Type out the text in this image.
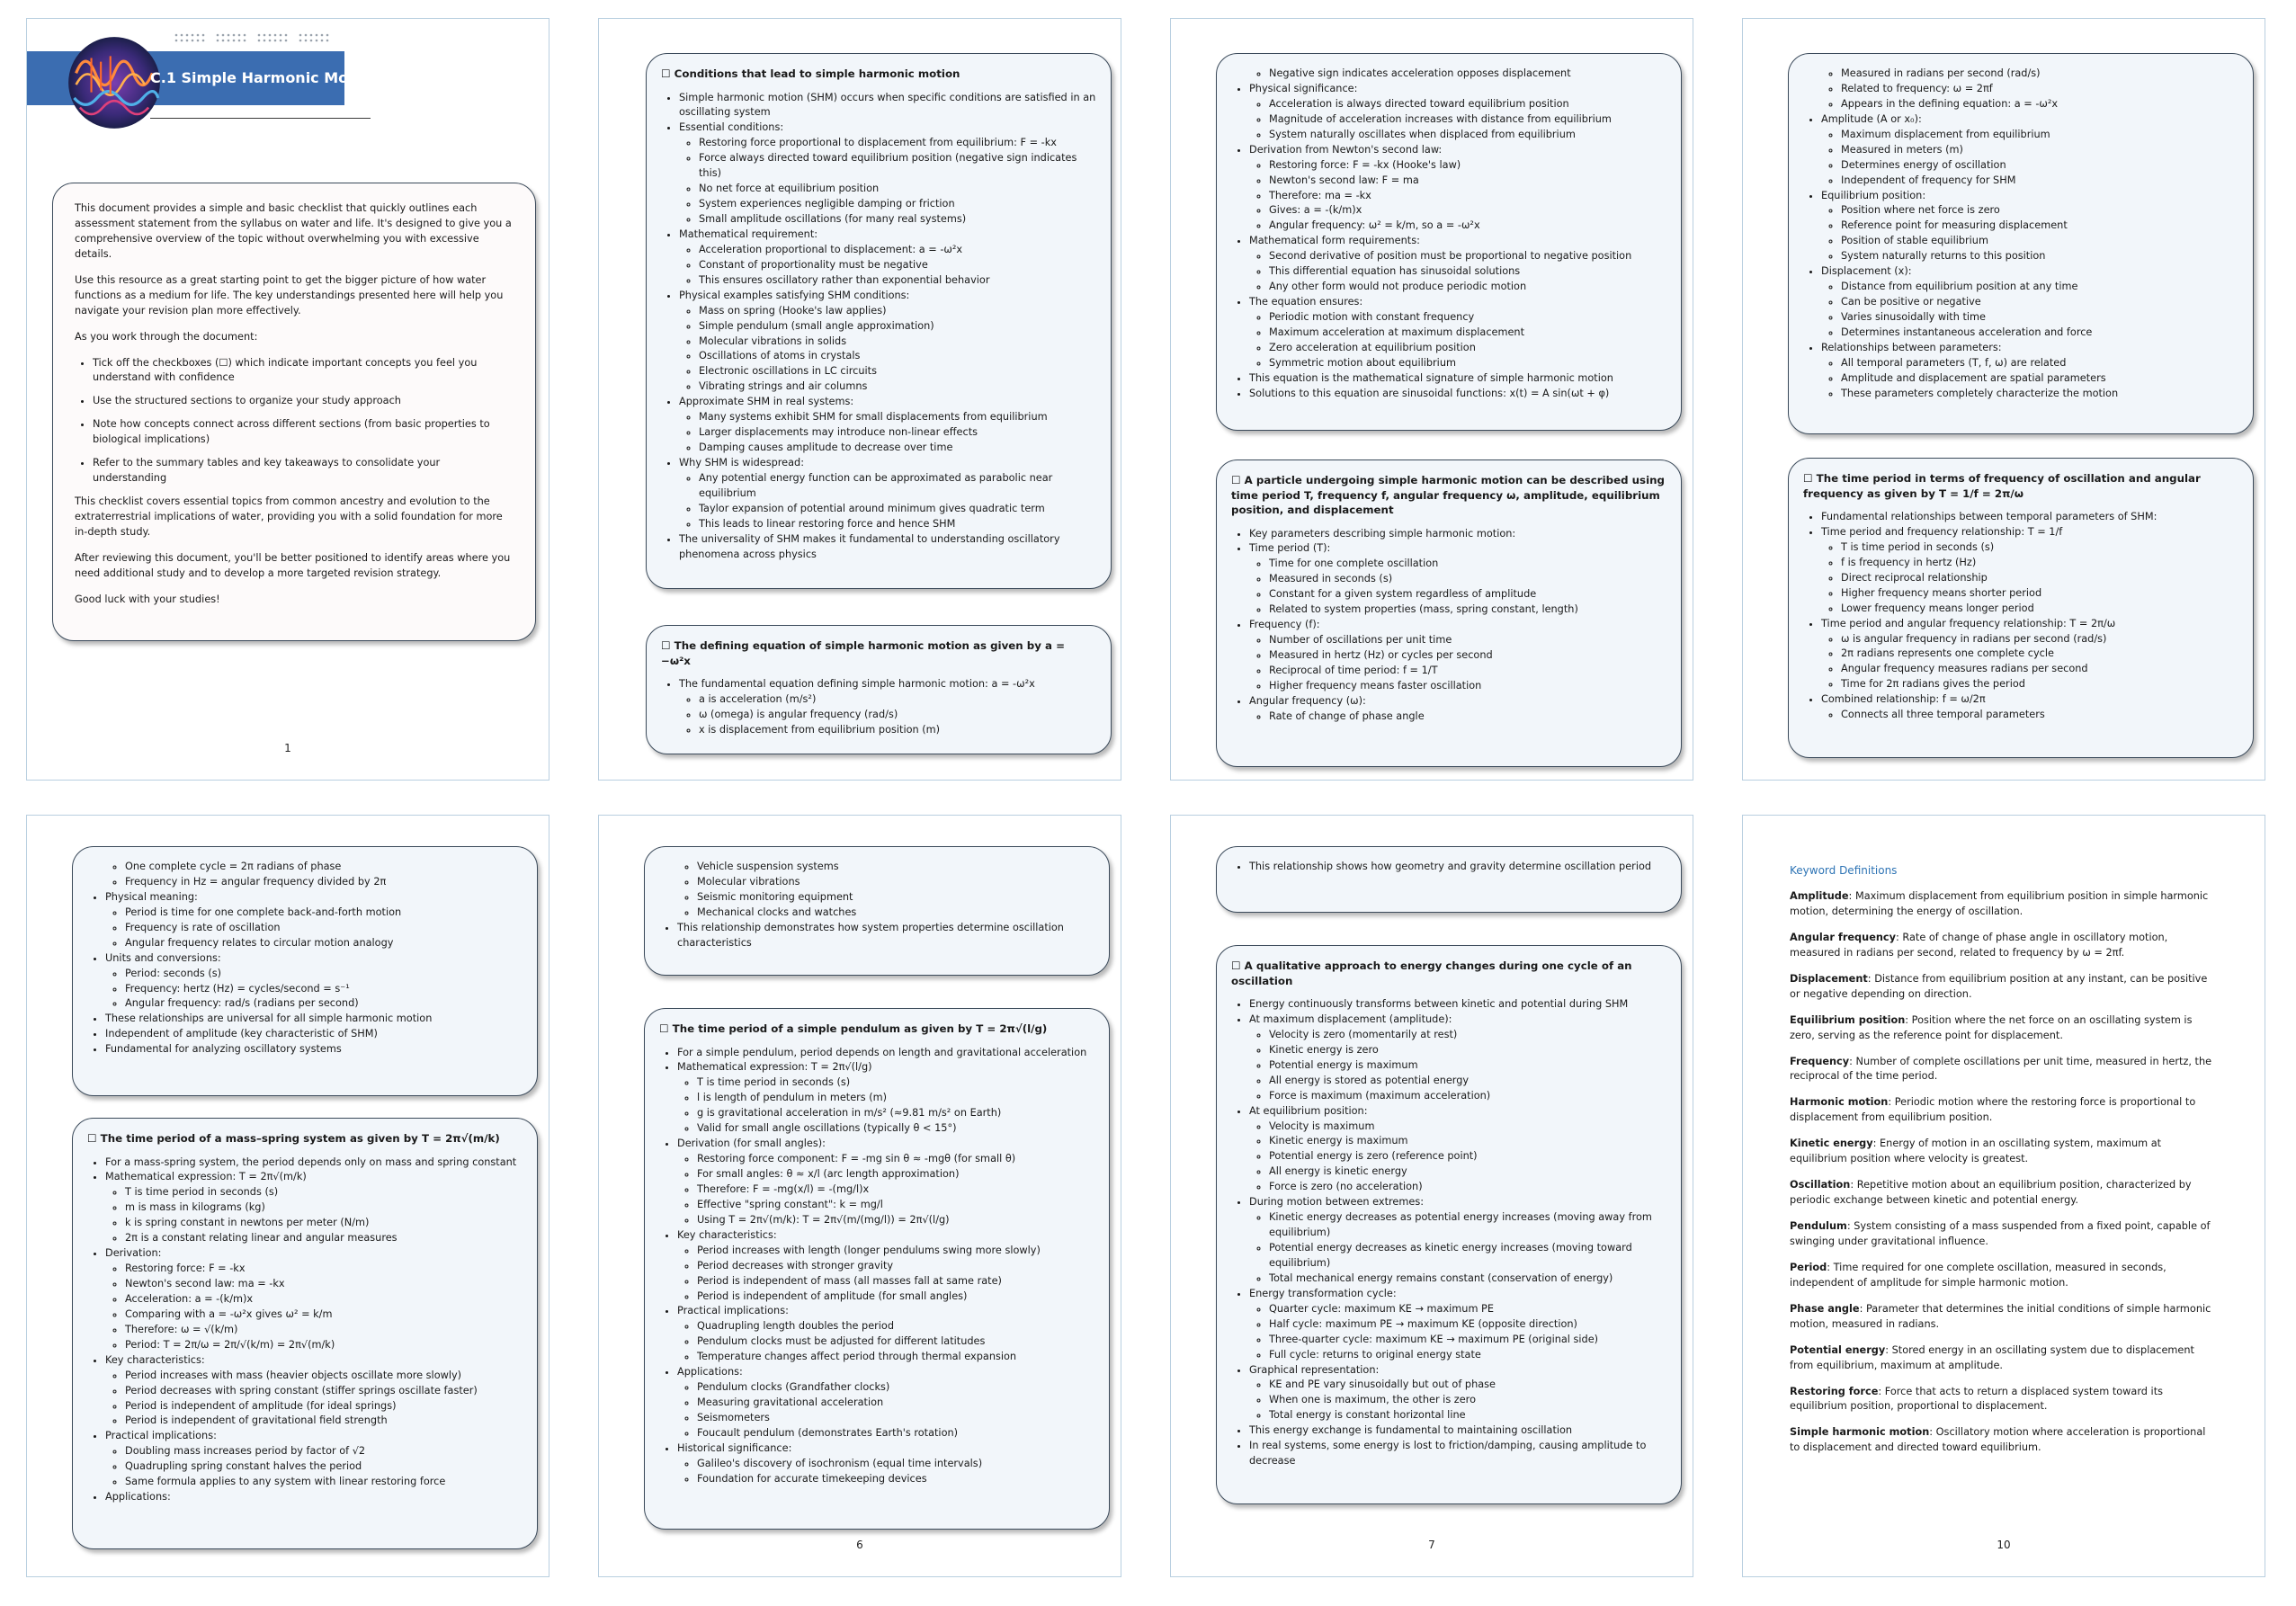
C.1 Simple Harmonic Motion

This document provides a simple and basic checklist that quickly outlines each assessment statement from the syllabus on water and life. It's designed to give you a comprehensive overview of the topic without overwhelming you with excessive details.

Use this resource as a great starting point to get the bigger picture of how water functions as a medium for life. The key understandings presented here will help you navigate your revision plan more effectively.

As you work through the document:

• Tick off the checkboxes (☐) which indicate important concepts you feel you understand with confidence
• Use the structured sections to organize your study approach
• Note how concepts connect across different sections (from basic properties to biological implications)
• Refer to the summary tables and key takeaways to consolidate your understanding

This checklist covers essential topics from common ancestry and evolution to the extraterrestrial implications of water, providing you with a solid foundation for more in-depth study.

After reviewing this document, you'll be better positioned to identify areas where you need additional study and to develop a more targeted revision strategy.

Good luck with your studies!

1
☐ Conditions that lead to simple harmonic motion
• Simple harmonic motion (SHM) occurs when specific conditions are satisfied in an oscillating system
• Essential conditions:
◦ Restoring force proportional to displacement from equilibrium: F = -kx
◦ Force always directed toward equilibrium position (negative sign indicates this)
◦ No net force at equilibrium position
◦ System experiences negligible damping or friction
◦ Small amplitude oscillations (for many real systems)
• Mathematical requirement:
◦ Acceleration proportional to displacement: a = -ω²x
◦ Constant of proportionality must be negative
◦ This ensures oscillatory rather than exponential behavior
• Physical examples satisfying SHM conditions:
◦ Mass on spring (Hooke's law applies)
◦ Simple pendulum (small angle approximation)
◦ Molecular vibrations in solids
◦ Oscillations of atoms in crystals
◦ Electronic oscillations in LC circuits
◦ Vibrating strings and air columns
• Approximate SHM in real systems:
◦ Many systems exhibit SHM for small displacements from equilibrium
◦ Larger displacements may introduce non-linear effects
◦ Damping causes amplitude to decrease over time
• Why SHM is widespread:
◦ Any potential energy function can be approximated as parabolic near equilibrium
◦ Taylor expansion of potential around minimum gives quadratic term
◦ This leads to linear restoring force and hence SHM
• The universality of SHM makes it fundamental to understanding oscillatory phenomena across physics
☐ The defining equation of simple harmonic motion as given by a = −ω²x
• The fundamental equation defining simple harmonic motion: a = -ω²x
◦ a is acceleration (m/s²)
◦ ω (omega) is angular frequency (rad/s)
◦ x is displacement from equilibrium position (m)
◦ Negative sign indicates acceleration opposes displacement
• Physical significance:
◦ Acceleration is always directed toward equilibrium position
◦ Magnitude of acceleration increases with distance from equilibrium
◦ System naturally oscillates when displaced from equilibrium
• Derivation from Newton's second law:
◦ Restoring force: F = -kx (Hooke's law)
◦ Newton's second law: F = ma
◦ Therefore: ma = -kx
◦ Gives: a = -(k/m)x
◦ Angular frequency: ω² = k/m, so a = -ω²x
• Mathematical form requirements:
◦ Second derivative of position must be proportional to negative position
◦ This differential equation has sinusoidal solutions
◦ Any other form would not produce periodic motion
• The equation ensures:
◦ Periodic motion with constant frequency
◦ Maximum acceleration at maximum displacement
◦ Zero acceleration at equilibrium position
◦ Symmetric motion about equilibrium
• This equation is the mathematical signature of simple harmonic motion
• Solutions to this equation are sinusoidal functions: x(t) = A sin(ωt + φ)
☐ A particle undergoing simple harmonic motion can be described using time period T, frequency f, angular frequency ω, amplitude, equilibrium position, and displacement
• Key parameters describing simple harmonic motion:
• Time period (T):
◦ Time for one complete oscillation
◦ Measured in seconds (s)
◦ Constant for a given system regardless of amplitude
◦ Related to system properties (mass, spring constant, length)
• Frequency (f):
◦ Number of oscillations per unit time
◦ Measured in hertz (Hz) or cycles per second
◦ Reciprocal of time period: f = 1/T
◦ Higher frequency means faster oscillation
• Angular frequency (ω):
◦ Rate of change of phase angle
◦ Measured in radians per second (rad/s)
◦ Related to frequency: ω = 2πf
◦ Appears in the defining equation: a = -ω²x
• Amplitude (A or x₀):
◦ Maximum displacement from equilibrium
◦ Measured in meters (m)
◦ Determines energy of oscillation
◦ Independent of frequency for SHM
• Equilibrium position:
◦ Position where net force is zero
◦ Reference point for measuring displacement
◦ Position of stable equilibrium
◦ System naturally returns to this position
• Displacement (x):
◦ Distance from equilibrium position at any time
◦ Can be positive or negative
◦ Varies sinusoidally with time
◦ Determines instantaneous acceleration and force
• Relationships between parameters:
◦ All temporal parameters (T, f, ω) are related
◦ Amplitude and displacement are spatial parameters
◦ These parameters completely characterize the motion
☐ The time period in terms of frequency of oscillation and angular frequency as given by T = 1/f = 2π/ω
• Fundamental relationships between temporal parameters of SHM:
• Time period and frequency relationship: T = 1/f
◦ T is time period in seconds (s)
◦ f is frequency in hertz (Hz)
◦ Direct reciprocal relationship
◦ Higher frequency means shorter period
◦ Lower frequency means longer period
• Time period and angular frequency relationship: T = 2π/ω
◦ ω is angular frequency in radians per second (rad/s)
◦ 2π radians represents one complete cycle
◦ Angular frequency measures radians per second
◦ Time for 2π radians gives the period
• Combined relationship: f = ω/2π
◦ Connects all three temporal parameters
◦ One complete cycle = 2π radians of phase
◦ Frequency in Hz = angular frequency divided by 2π
• Physical meaning:
◦ Period is time for one complete back-and-forth motion
◦ Frequency is rate of oscillation
◦ Angular frequency relates to circular motion analogy
• Units and conversions:
◦ Period: seconds (s)
◦ Frequency: hertz (Hz) = cycles/second = s⁻¹
◦ Angular frequency: rad/s (radians per second)
• These relationships are universal for all simple harmonic motion
• Independent of amplitude (key characteristic of SHM)
• Fundamental for analyzing oscillatory systems
☐ The time period of a mass–spring system as given by T = 2π√(m/k)
• For a mass-spring system, the period depends only on mass and spring constant
• Mathematical expression: T = 2π√(m/k)
◦ T is time period in seconds (s)
◦ m is mass in kilograms (kg)
◦ k is spring constant in newtons per meter (N/m)
◦ 2π is a constant relating linear and angular measures
• Derivation:
◦ Restoring force: F = -kx
◦ Newton's second law: ma = -kx
◦ Acceleration: a = -(k/m)x
◦ Comparing with a = -ω²x gives ω² = k/m
◦ Therefore: ω = √(k/m)
◦ Period: T = 2π/ω = 2π/√(k/m) = 2π√(m/k)
• Key characteristics:
◦ Period increases with mass (heavier objects oscillate more slowly)
◦ Period decreases with spring constant (stiffer springs oscillate faster)
◦ Period is independent of amplitude (for ideal springs)
◦ Period is independent of gravitational field strength
• Practical implications:
◦ Doubling mass increases period by factor of √2
◦ Quadrupling spring constant halves the period
◦ Same formula applies to any system with linear restoring force
• Applications:
◦ Vehicle suspension systems
◦ Molecular vibrations
◦ Seismic monitoring equipment
◦ Mechanical clocks and watches
• This relationship demonstrates how system properties determine oscillation characteristics
☐ The time period of a simple pendulum as given by T = 2π√(l/g)
• For a simple pendulum, period depends on length and gravitational acceleration
• Mathematical expression: T = 2π√(l/g)
◦ T is time period in seconds (s)
◦ l is length of pendulum in meters (m)
◦ g is gravitational acceleration in m/s² (≈9.81 m/s² on Earth)
◦ Valid for small angle oscillations (typically θ < 15°)
• Derivation (for small angles):
◦ Restoring force component: F = -mg sin θ ≈ -mgθ (for small θ)
◦ For small angles: θ ≈ x/l (arc length approximation)
◦ Therefore: F = -mg(x/l) = -(mg/l)x
◦ Effective "spring constant": k = mg/l
◦ Using T = 2π√(m/k): T = 2π√(m/(mg/l)) = 2π√(l/g)
• Key characteristics:
◦ Period increases with length (longer pendulums swing more slowly)
◦ Period decreases with stronger gravity
◦ Period is independent of mass (all masses fall at same rate)
◦ Period is independent of amplitude (for small angles)
• Practical implications:
◦ Quadrupling length doubles the period
◦ Pendulum clocks must be adjusted for different latitudes
◦ Temperature changes affect period through thermal expansion
• Applications:
◦ Pendulum clocks (Grandfather clocks)
◦ Measuring gravitational acceleration
◦ Seismometers
◦ Foucault pendulum (demonstrates Earth's rotation)
• Historical significance:
◦ Galileo's discovery of isochronism (equal time intervals)
◦ Foundation for accurate timekeeping devices
6
• This relationship shows how geometry and gravity determine oscillation period
☐ A qualitative approach to energy changes during one cycle of an oscillation
• Energy continuously transforms between kinetic and potential during SHM
• At maximum displacement (amplitude):
◦ Velocity is zero (momentarily at rest)
◦ Kinetic energy is zero
◦ Potential energy is maximum
◦ All energy is stored as potential energy
◦ Force is maximum (maximum acceleration)
• At equilibrium position:
◦ Velocity is maximum
◦ Kinetic energy is maximum
◦ Potential energy is zero (reference point)
◦ All energy is kinetic energy
◦ Force is zero (no acceleration)
• During motion between extremes:
◦ Kinetic energy decreases as potential energy increases (moving away from equilibrium)
◦ Potential energy decreases as kinetic energy increases (moving toward equilibrium)
◦ Total mechanical energy remains constant (conservation of energy)
• Energy transformation cycle:
◦ Quarter cycle: maximum KE → maximum PE
◦ Half cycle: maximum PE → maximum KE (opposite direction)
◦ Three-quarter cycle: maximum KE → maximum PE (original side)
◦ Full cycle: returns to original energy state
• Graphical representation:
◦ KE and PE vary sinusoidally but out of phase
◦ When one is maximum, the other is zero
◦ Total energy is constant horizontal line
• This energy exchange is fundamental to maintaining oscillation
• In real systems, some energy is lost to friction/damping, causing amplitude to decrease
7
Keyword Definitions

Amplitude: Maximum displacement from equilibrium position in simple harmonic motion, determining the energy of oscillation.

Angular frequency: Rate of change of phase angle in oscillatory motion, measured in radians per second, related to frequency by ω = 2πf.

Displacement: Distance from equilibrium position at any instant, can be positive or negative depending on direction.

Equilibrium position: Position where the net force on an oscillating system is zero, serving as the reference point for displacement.

Frequency: Number of complete oscillations per unit time, measured in hertz, the reciprocal of the time period.

Harmonic motion: Periodic motion where the restoring force is proportional to displacement from equilibrium position.

Kinetic energy: Energy of motion in an oscillating system, maximum at equilibrium position where velocity is greatest.

Oscillation: Repetitive motion about an equilibrium position, characterized by periodic exchange between kinetic and potential energy.

Pendulum: System consisting of a mass suspended from a fixed point, capable of swinging under gravitational influence.

Period: Time required for one complete oscillation, measured in seconds, independent of amplitude for simple harmonic motion.

Phase angle: Parameter that determines the initial conditions of simple harmonic motion, measured in radians.

Potential energy: Stored energy in an oscillating system due to displacement from equilibrium, maximum at amplitude.

Restoring force: Force that acts to return a displaced system toward its equilibrium position, proportional to displacement.

Simple harmonic motion: Oscillatory motion where acceleration is proportional to displacement and directed toward equilibrium.

10
